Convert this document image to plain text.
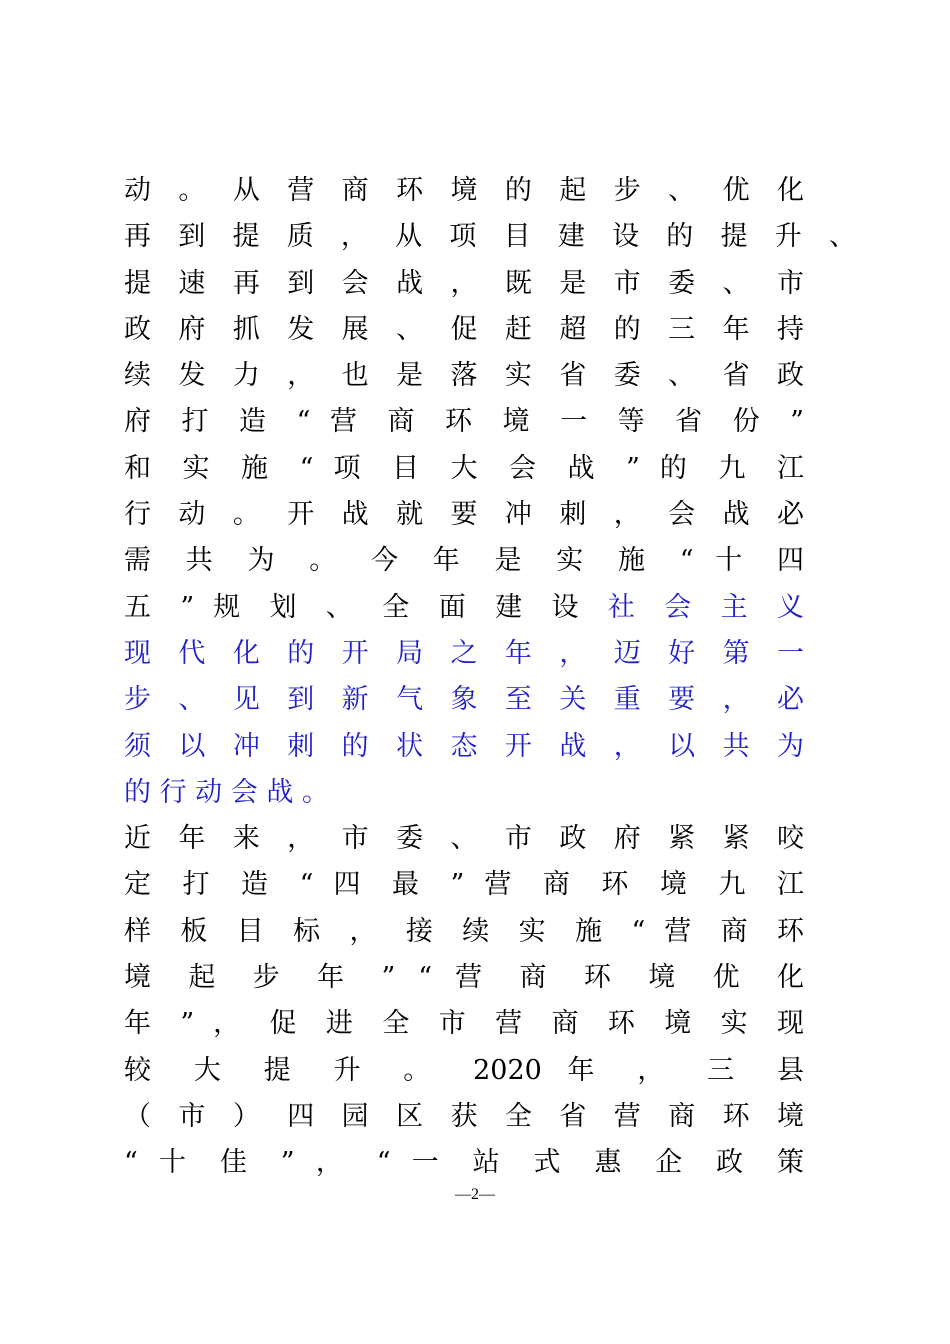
动 。 从 营 商 环 境 的 起 步 、 优 化
再 到 提 质 ， 从 项 目 建 设 的 提 升 、
提 速 再 到 会 战 ， 既 是 市 委 、 市
政 府 抓 发 展 、 促 赶 超 的 三 年 持
续 发 力 ， 也 是 落 实 省 委 、 省 政
府 打 造 “ 营 商 环 境 一 等 省 份 ”
和 实 施 “ 项 目 大 会 战 ” 的 九 江
行 动 。 开 战 就 要 冲 刺 ， 会 战 必
需 共 为 。 今 年 是 实 施 “ 十 四
五 ” 规 划 、 全 面 建 设 社 会 主 义
现 代 化 的 开 局 之 年 ， 迈 好 第 一
步 、 见 到 新 气 象 至 关 重 要 ， 必
须 以 冲 刺 的 状 态 开 战 ， 以 共 为
的 行 动 会 战 。
近 年 来 ， 市 委 、 市 政 府 紧 紧 咬
定 打 造 “ 四 最 ” 营 商 环 境 九 江
样 板 目 标 ， 接 续 实 施 “ 营 商 环
境 起 步 年 ” “ 营 商 环 境 优 化
年 ” ， 促 进 全 市 营 商 环 境 实 现
较 大 提 升 。 2020 年 ， 三 县
（ 市 ） 四 园 区 获 全 省 营 商 环 境
“ 十 佳 ” ， “ 一 站 式 惠 企 政 策
—2—
